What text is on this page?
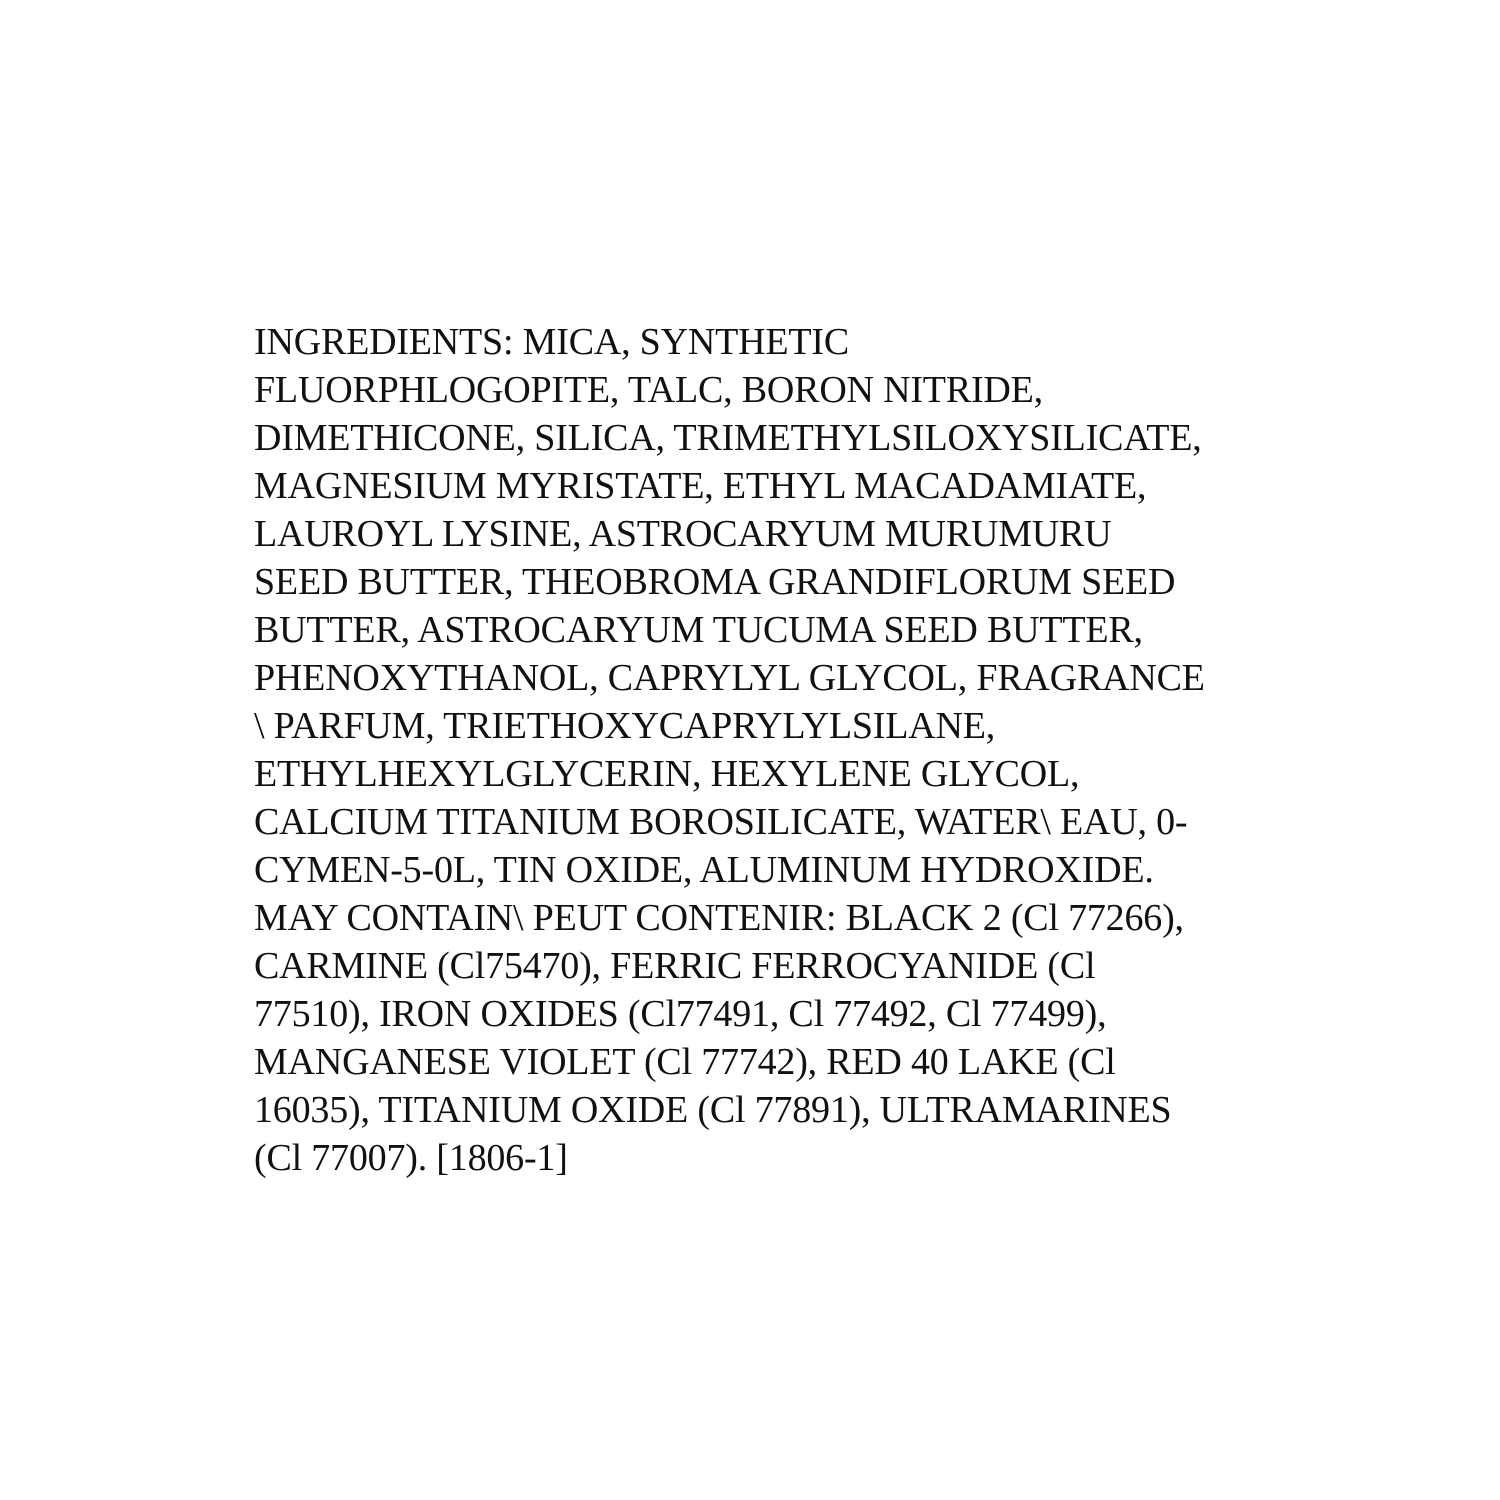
INGREDIENTS: MICA, SYNTHETIC
FLUORPHLOGOPITE, TALC, BORON NITRIDE,
DIMETHICONE, SILICA, TRIMETHYLSILOXYSILICATE,
MAGNESIUM MYRISTATE, ETHYL MACADAMIATE,
LAUROYL LYSINE, ASTROCARYUM MURUMURU
SEED BUTTER, THEOBROMA GRANDIFLORUM SEED
BUTTER, ASTROCARYUM TUCUMA SEED BUTTER,
PHENOXYTHANOL, CAPRYLYL GLYCOL, FRAGRANCE
\ PARFUM, TRIETHOXYCAPRYLYLSILANE,
ETHYLHEXYLGLYCERIN, HEXYLENE GLYCOL,
CALCIUM TITANIUM BOROSILICATE, WATER\ EAU, 0-
CYMEN-5-0L, TIN OXIDE, ALUMINUM HYDROXIDE.
MAY CONTAIN\ PEUT CONTENIR: BLACK 2 (Cl 77266),
CARMINE (Cl75470), FERRIC FERROCYANIDE (Cl
77510), IRON OXIDES (Cl77491, Cl 77492, Cl 77499),
MANGANESE VIOLET (Cl 77742), RED 40 LAKE (Cl
16035), TITANIUM OXIDE (Cl 77891), ULTRAMARINES
(Cl 77007). [1806-1]
